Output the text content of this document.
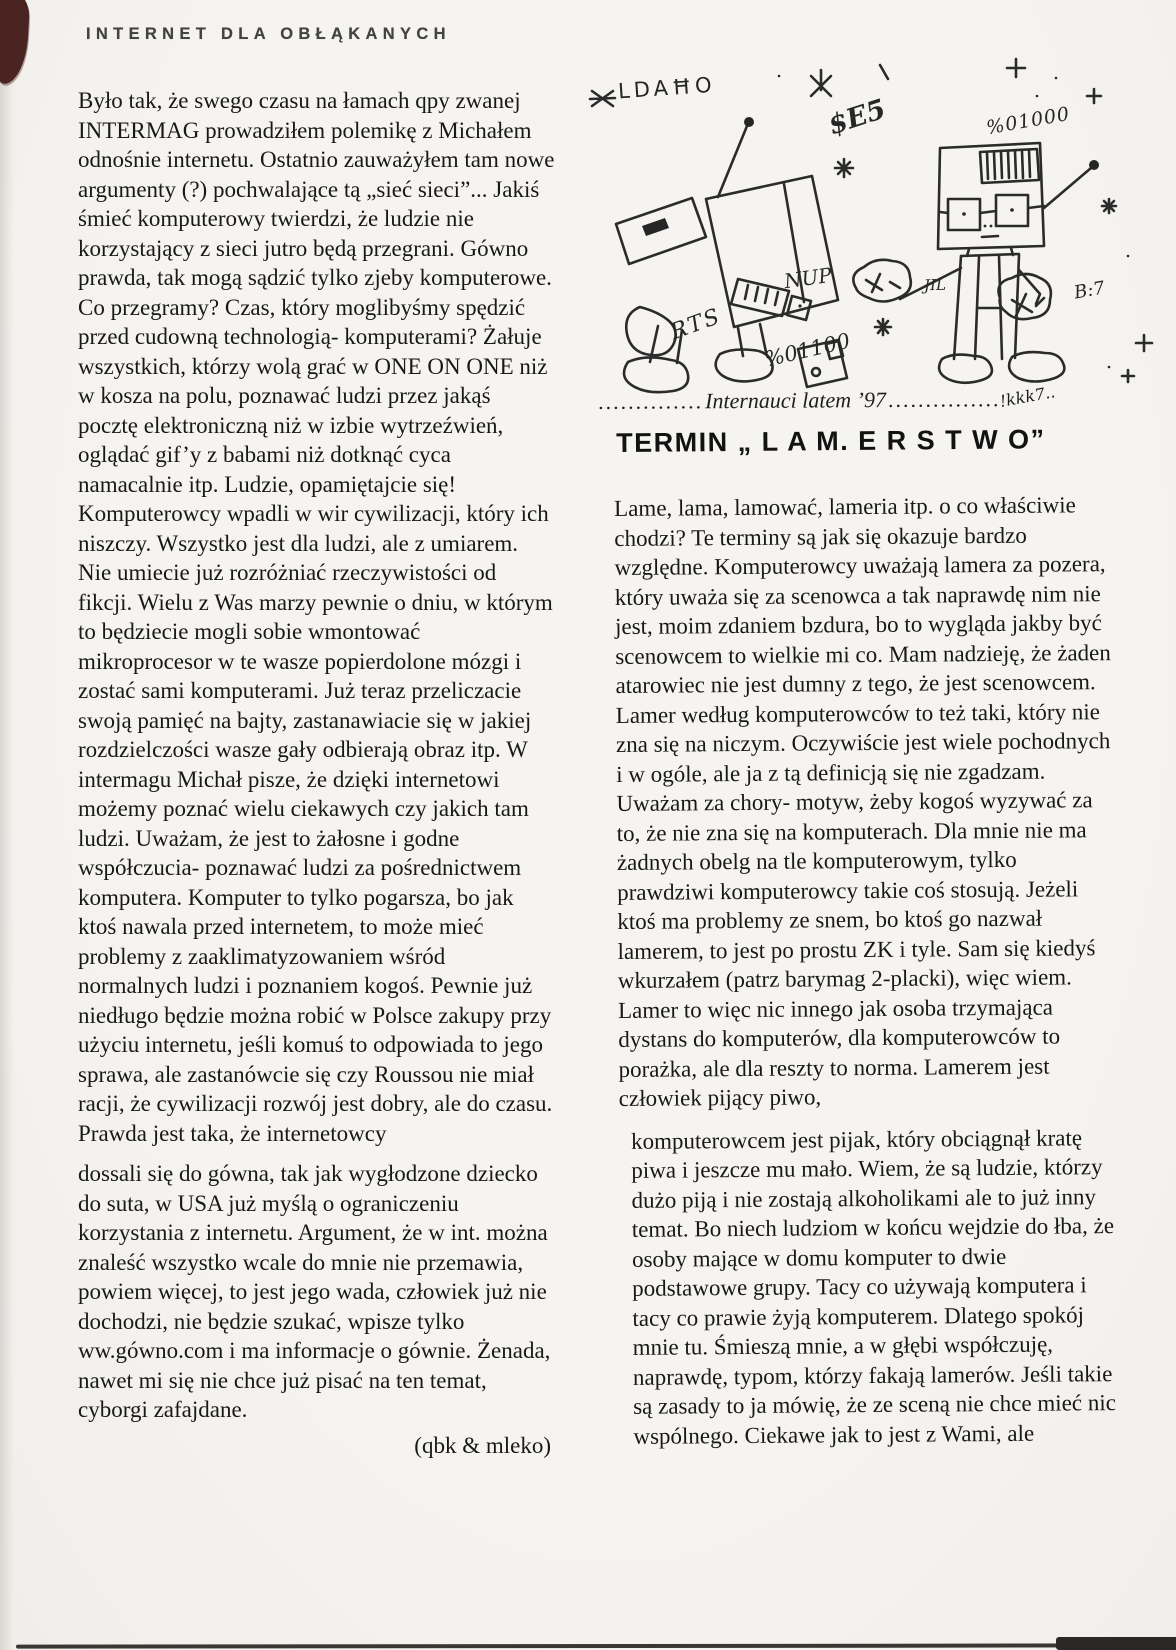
INTERNET DLA OBŁĄKANYCH

Było tak, że swego czasu na łamach qpy zwanej INTERMAG prowadziłem polemikę z Michałem odnośnie internetu. Ostatnio zauważyłem tam nowe argumenty (?) pochwalające tą „sieć sieci”... Jakiś śmieć komputerowy twierdzi, że ludzie nie korzystający z sieci jutro będą przegrani. Gówno prawda, tak mogą sądzić tylko zjeby komputerowe. Co przegramy? Czas, który moglibyśmy spędzić przed cudowną technologią- komputerami? Żałuje wszystkich, którzy wolą grać w ONE ON ONE niż w kosza na polu, poznawać ludzi przez jakąś pocztę elektroniczną niż w izbie wytrzeźwień, oglądać gif’y z babami niż dotknąć cyca namacalnie itp. Ludzie, opamiętajcie się! Komputerowcy wpadli w wir cywilizacji, który ich niszczy. Wszystko jest dla ludzi, ale z umiarem. Nie umiecie już rozróżniać rzeczywistości od fikcji. Wielu z Was marzy pewnie o dniu, w którym to będziecie mogli sobie wmontować mikroprocesor w te wasze popierdolone mózgi i zostać sami komputerami. Już teraz przeliczacie swoją pamięć na bajty, zastanawiacie się w jakiej rozdzielczości wasze gały odbierają obraz itp. W intermagu Michał pisze, że dzięki internetowi możemy poznać wielu ciekawych czy jakich tam ludzi. Uważam, że jest to żałosne i godne współczucia- poznawać ludzi za pośrednictwem komputera. Komputer to tylko pogarsza, bo jak ktoś nawala przed internetem, to może mieć problemy z zaaklimatyzowaniem wśród normalnych ludzi i poznaniem kogoś. Pewnie już niedługo będzie można robić w Polsce zakupy przy użyciu internetu, jeśli komuś to odpowiada to jego sprawa, ale zastanówcie się czy Roussou nie miał racji, że cywilizacji rozwój jest dobry, ale do czasu. Prawda jest taka, że internetowcy

dossali się do gówna, tak jak wygłodzone dziecko do suta, w USA już myślą o ograniczeniu korzystania z internetu. Argument, że w int. można znaleść wszystko wcale do mnie nie przemawia, powiem więcej, to jest jego wada, człowiek już nie dochodzi, nie będzie szukać, wpisze tylko ww.gówno.com i ma informacje o gównie. Żenada, nawet mi się nie chce już pisać na ten temat, cyborgi zafajdane.

(qbk & mleko)
LDAĦO
$E5	%01000
NUP	JIL	B:7
RTS
%01100
..............Internauci latem ’97...............!kkk7..
TERMIN „ L A M. E R S T W O”

Lame, lama, lamować, lameria itp. o co właściwie chodzi? Te terminy są jak się okazuje bardzo względne. Komputerowcy uważają lamera za pozera, który uważa się za scenowca a tak naprawdę nim nie jest, moim zdaniem bzdura, bo to wygląda jakby być scenowcem to wielkie mi co. Mam nadzieję, że żaden atarowiec nie jest dumny z tego, że jest scenowcem. Lamer według komputerowców to też taki, który nie zna się na niczym. Oczywiście jest wiele pochodnych i w ogóle, ale ja z tą definicją się nie zgadzam. Uważam za chory- motyw, żeby kogoś wyzywać za to, że nie zna się na komputerach. Dla mnie nie ma żadnych obelg na tle komputerowym, tylko prawdziwi komputerowcy takie coś stosują. Jeżeli ktoś ma problemy ze snem, bo ktoś go nazwał lamerem, to jest po prostu ZK i tyle. Sam się kiedyś wkurzałem (patrz barymag 2-placki), więc wiem. Lamer to więc nic innego jak osoba trzymająca dystans do komputerów, dla komputerowców to porażka, ale dla reszty to norma. Lamerem jest człowiek pijący piwo,

komputerowcem jest pijak, który obciągnął kratę piwa i jeszcze mu mało. Wiem, że są ludzie, którzy dużo piją i nie zostają alkoholikami ale to już inny temat. Bo niech ludziom w końcu wejdzie do łba, że osoby mające w domu komputer to dwie podstawowe grupy. Tacy co używają komputera i tacy co prawie żyją komputerem. Dlatego spokój mnie tu. Śmieszą mnie, a w głębi współczuję, naprawdę, typom, którzy fakają lamerów. Jeśli takie są zasady to ja mówię, że ze sceną nie chce mieć nic wspólnego. Ciekawe jak to jest z Wami, ale
